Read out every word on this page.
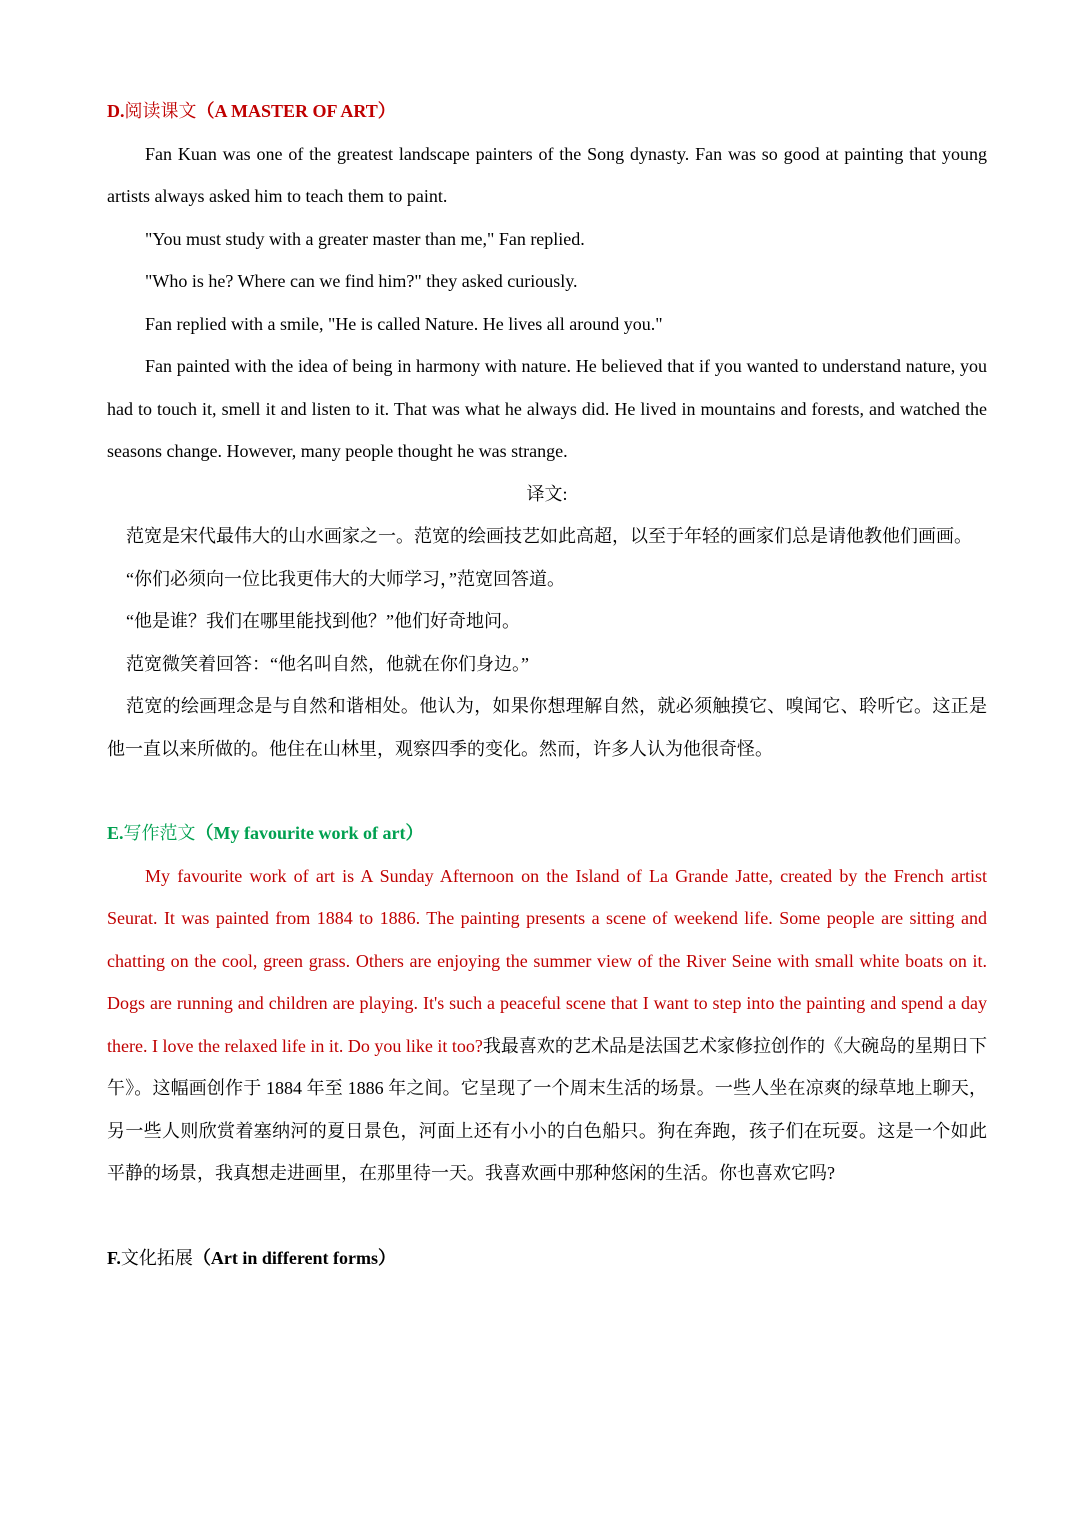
D.阅读课文（A MASTER OF ART）

Fan Kuan was one of the greatest landscape painters of the Song dynasty. Fan was so good at painting that young artists always asked him to teach them to paint.

"You must study with a greater master than me," Fan replied.

"Who is he? Where can we find him?" they asked curiously.

Fan replied with a smile, "He is called Nature. He lives all around you."

Fan painted with the idea of being in harmony with nature. He believed that if you wanted to understand nature, you had to touch it, smell it and listen to it. That was what he always did. He lived in mountains and forests, and watched the seasons change. However, many people thought he was strange.

译文:

范宽是宋代最伟大的山水画家之一。范宽的绘画技艺如此高超，以至于年轻的画家们总是请他教他们画画。

“你们必须向一位比我更伟大的大师学习，”范宽回答道。

“他是谁？我们在哪里能找到他？”他们好奇地问。

范宽微笑着回答：“他名叫自然，他就在你们身边。”

范宽的绘画理念是与自然和谐相处。他认为，如果你想理解自然，就必须触摸它、嗅闻它、聆听它。这正是他一直以来所做的。他住在山林里，观察四季的变化。然而，许多人认为他很奇怪。

E.写作范文（My favourite work of art）

My favourite work of art is A Sunday Afternoon on the Island of La Grande Jatte, created by the French artist Seurat. It was painted from 1884 to 1886. The painting presents a scene of weekend life. Some people are sitting and chatting on the cool, green grass. Others are enjoying the summer view of the River Seine with small white boats on it. Dogs are running and children are playing. It's such a peaceful scene that I want to step into the painting and spend a day there. I love the relaxed life in it. Do you like it too?我最喜欢的艺术品是法国艺术家修拉创作的《大碗岛的星期日下午》。这幅画创作于 1884 年至 1886 年之间。它呈现了一个周末生活的场景。一些人坐在凉爽的绿草地上聊天，另一些人则欣赏着塞纳河的夏日景色，河面上还有小小的白色船只。狗在奔跑，孩子们在玩耍。这是一个如此平静的场景，我真想走进画里，在那里待一天。我喜欢画中那种悠闲的生活。你也喜欢它吗?

F.文化拓展（Art in different forms）
